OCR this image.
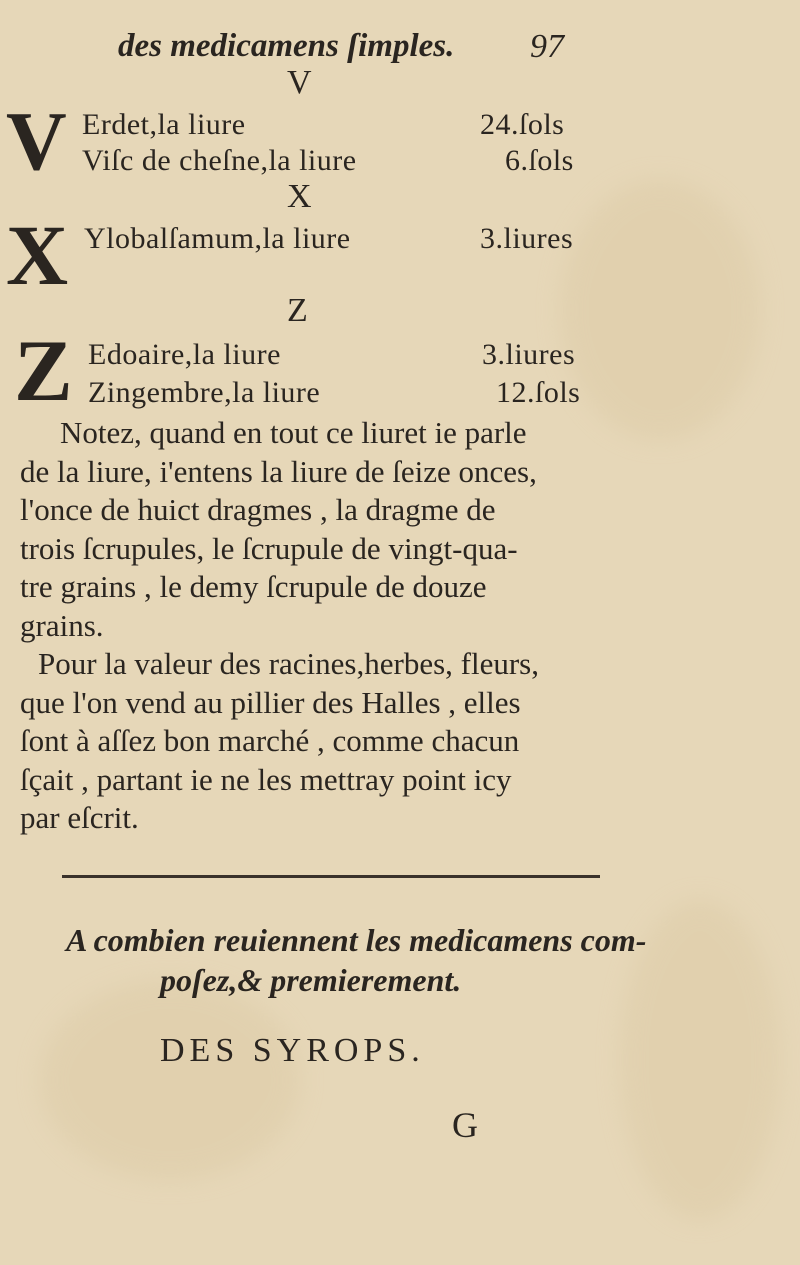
des medicamens ſimples. 97
V
V Erdet,la liure	24.ſols
Viſc de cheſne,la liure	6.ſols
X
X Ylobalſamum,la liure	3.liures
Z
Z Edoaire,la liure	3.liures
Zingembre,la liure	12.ſols
Notez, quand en tout ce liuret ie parle
de la liure, i'entens la liure de ſeize onces,
l'once de huict dragmes , la dragme de
trois ſcrupules, le ſcrupule de vingt-qua-
tre grains , le demy ſcrupule de douze
grains.
Pour la valeur des racines,herbes, fleurs,
que l'on vend au pillier des Halles , elles
ſont à aſſez bon marché , comme chacun
ſçait , partant ie ne les mettray point icy
par eſcrit.
A combien reuiennent les medicamens com-
poſez,& premierement.
DES SYROPS.
G
